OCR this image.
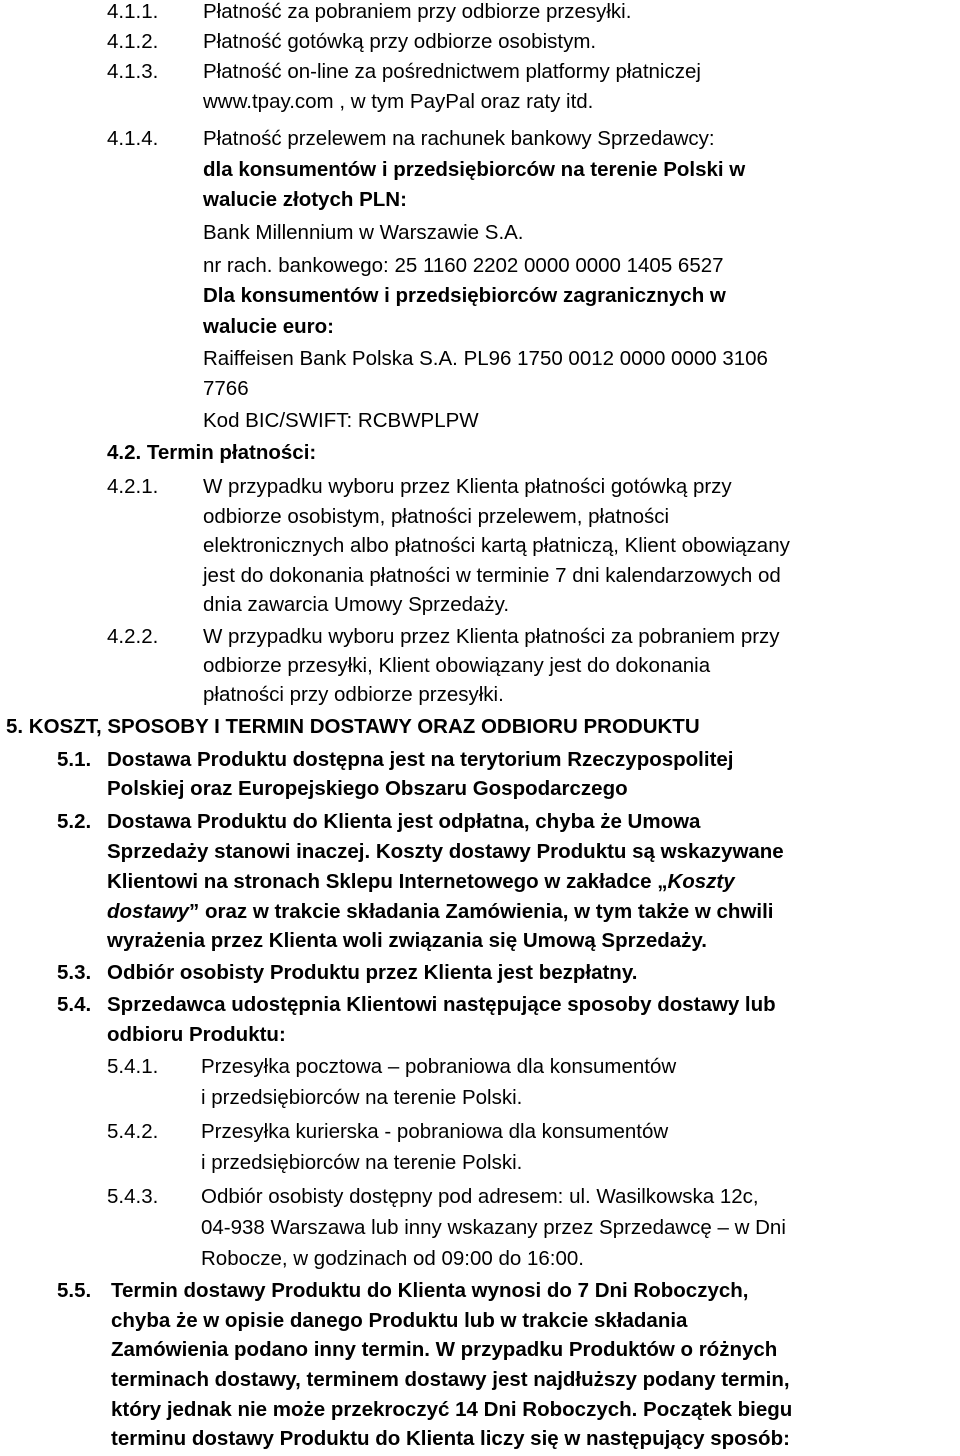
4.1.1. Płatność za pobraniem przy odbiorze przesyłki.
4.1.2. Płatność gotówką przy odbiorze osobistym.
4.1.3. Płatność on-line za pośrednictwem platformy płatniczej
www.tpay.com , w tym PayPal oraz raty itd.
4.1.4. Płatność przelewem na rachunek bankowy Sprzedawcy:
dla konsumentów i przedsiębiorców na terenie Polski w
walucie złotych PLN:
Bank Millennium w Warszawie S.A.
nr rach. bankowego: 25 1160 2202 0000 0000 1405 6527
Dla konsumentów i przedsiębiorców zagranicznych w
walucie euro:
Raiffeisen Bank Polska S.A. PL96 1750 0012 0000 0000 3106
7766
Kod BIC/SWIFT: RCBWPLPW
4.2. Termin płatności:
4.2.1. W przypadku wyboru przez Klienta płatności gotówką przy
odbiorze osobistym, płatności przelewem, płatności
elektronicznych albo płatności kartą płatniczą, Klient obowiązany
jest do dokonania płatności w terminie 7 dni kalendarzowych od
dnia zawarcia Umowy Sprzedaży.
4.2.2. W przypadku wyboru przez Klienta płatności za pobraniem przy
odbiorze przesyłki, Klient obowiązany jest do dokonania
płatności przy odbiorze przesyłki.
5. KOSZT, SPOSOBY I TERMIN DOSTAWY ORAZ ODBIORU PRODUKTU
5.1. Dostawa Produktu dostępna jest na terytorium Rzeczypospolitej
Polskiej oraz Europejskiego Obszaru Gospodarczego
5.2. Dostawa Produktu do Klienta jest odpłatna, chyba że Umowa
Sprzedaży stanowi inaczej. Koszty dostawy Produktu są wskazywane
Klientowi na stronach Sklepu Internetowego w zakładce „Koszty
dostawy” oraz w trakcie składania Zamówienia, w tym także w chwili
wyrażenia przez Klienta woli związania się Umową Sprzedaży.
5.3. Odbiór osobisty Produktu przez Klienta jest bezpłatny.
5.4. Sprzedawca udostępnia Klientowi następujące sposoby dostawy lub
odbioru Produktu:
5.4.1. Przesyłka pocztowa – pobraniowa dla konsumentów
i przedsiębiorców na terenie Polski.
5.4.2. Przesyłka kurierska - pobraniowa dla konsumentów
i przedsiębiorców na terenie Polski.
5.4.3. Odbiór osobisty dostępny pod adresem: ul. Wasilkowska 12c,
04-938 Warszawa lub inny wskazany przez Sprzedawcę – w Dni
Robocze, w godzinach od 09:00 do 16:00.
5.5. Termin dostawy Produktu do Klienta wynosi do 7 Dni Roboczych,
chyba że w opisie danego Produktu lub w trakcie składania
Zamówienia podano inny termin. W przypadku Produktów o różnych
terminach dostawy, terminem dostawy jest najdłuższy podany termin,
który jednak nie może przekroczyć 14 Dni Roboczych. Początek biegu
terminu dostawy Produktu do Klienta liczy się w następujący sposób:
